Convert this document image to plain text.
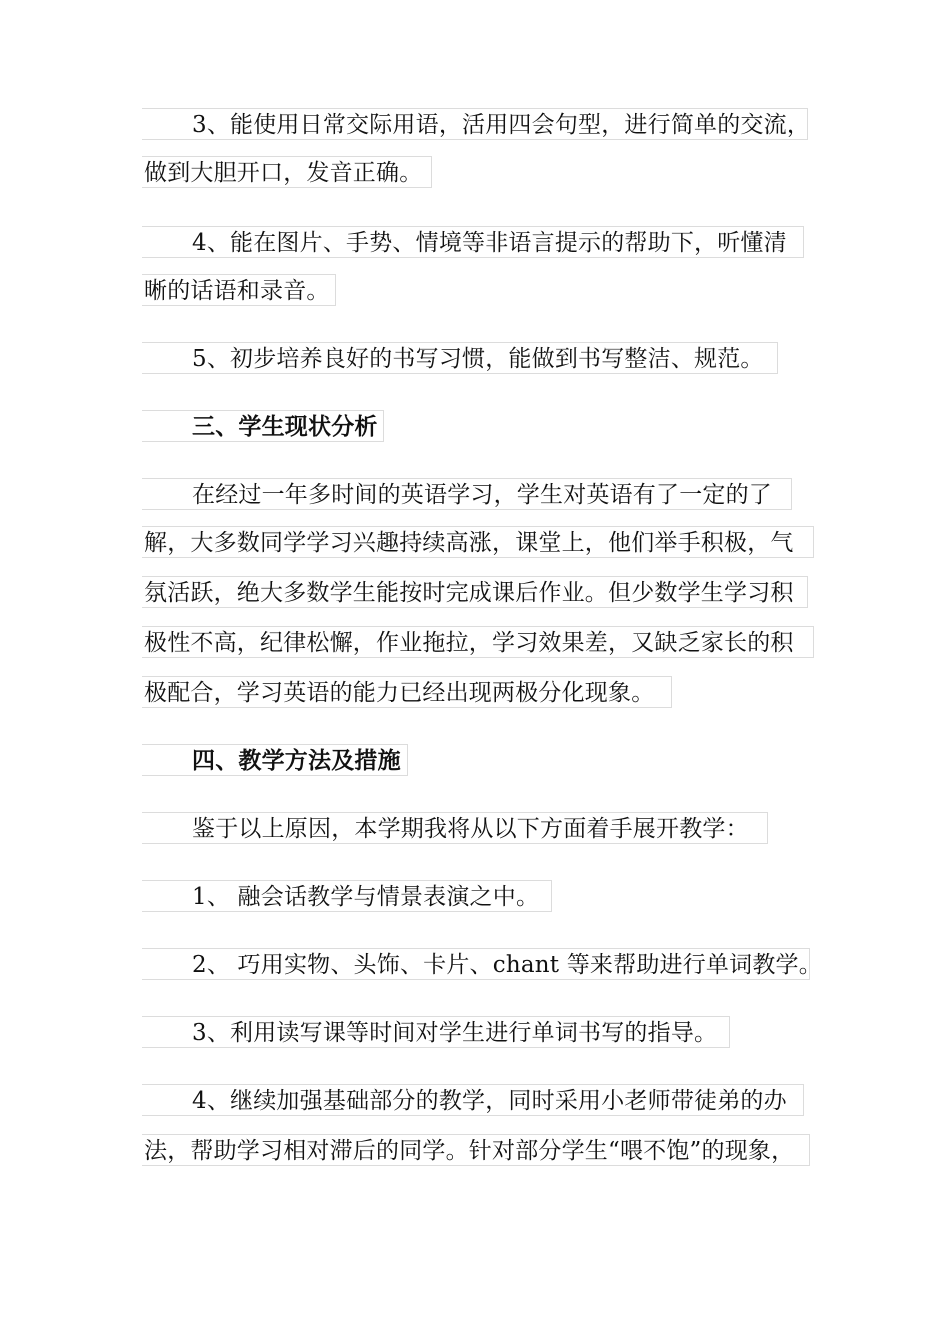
3、能使用日常交际用语，活用四会句型，进行简单的交流，
做到大胆开口，发音正确。
4、能在图片、手势、情境等非语言提示的帮助下，听懂清
晰的话语和录音。
5、初步培养良好的书写习惯，能做到书写整洁、规范。
三、学生现状分析
在经过一年多时间的英语学习，学生对英语有了一定的了
解，大多数同学学习兴趣持续高涨，课堂上，他们举手积极，气
氛活跃，绝大多数学生能按时完成课后作业。但少数学生学习积
极性不高，纪律松懈，作业拖拉，学习效果差，又缺乏家长的积
极配合，学习英语的能力已经出现两极分化现象。
四、教学方法及措施
鉴于以上原因，本学期我将从以下方面着手展开教学：
1、 融会话教学与情景表演之中。
2、 巧用实物、头饰、卡片、chant 等来帮助进行单词教学。
3、利用读写课等时间对学生进行单词书写的指导。
4、继续加强基础部分的教学，同时采用小老师带徒弟的办
法，帮助学习相对滞后的同学。针对部分学生“喂不饱”的现象，
